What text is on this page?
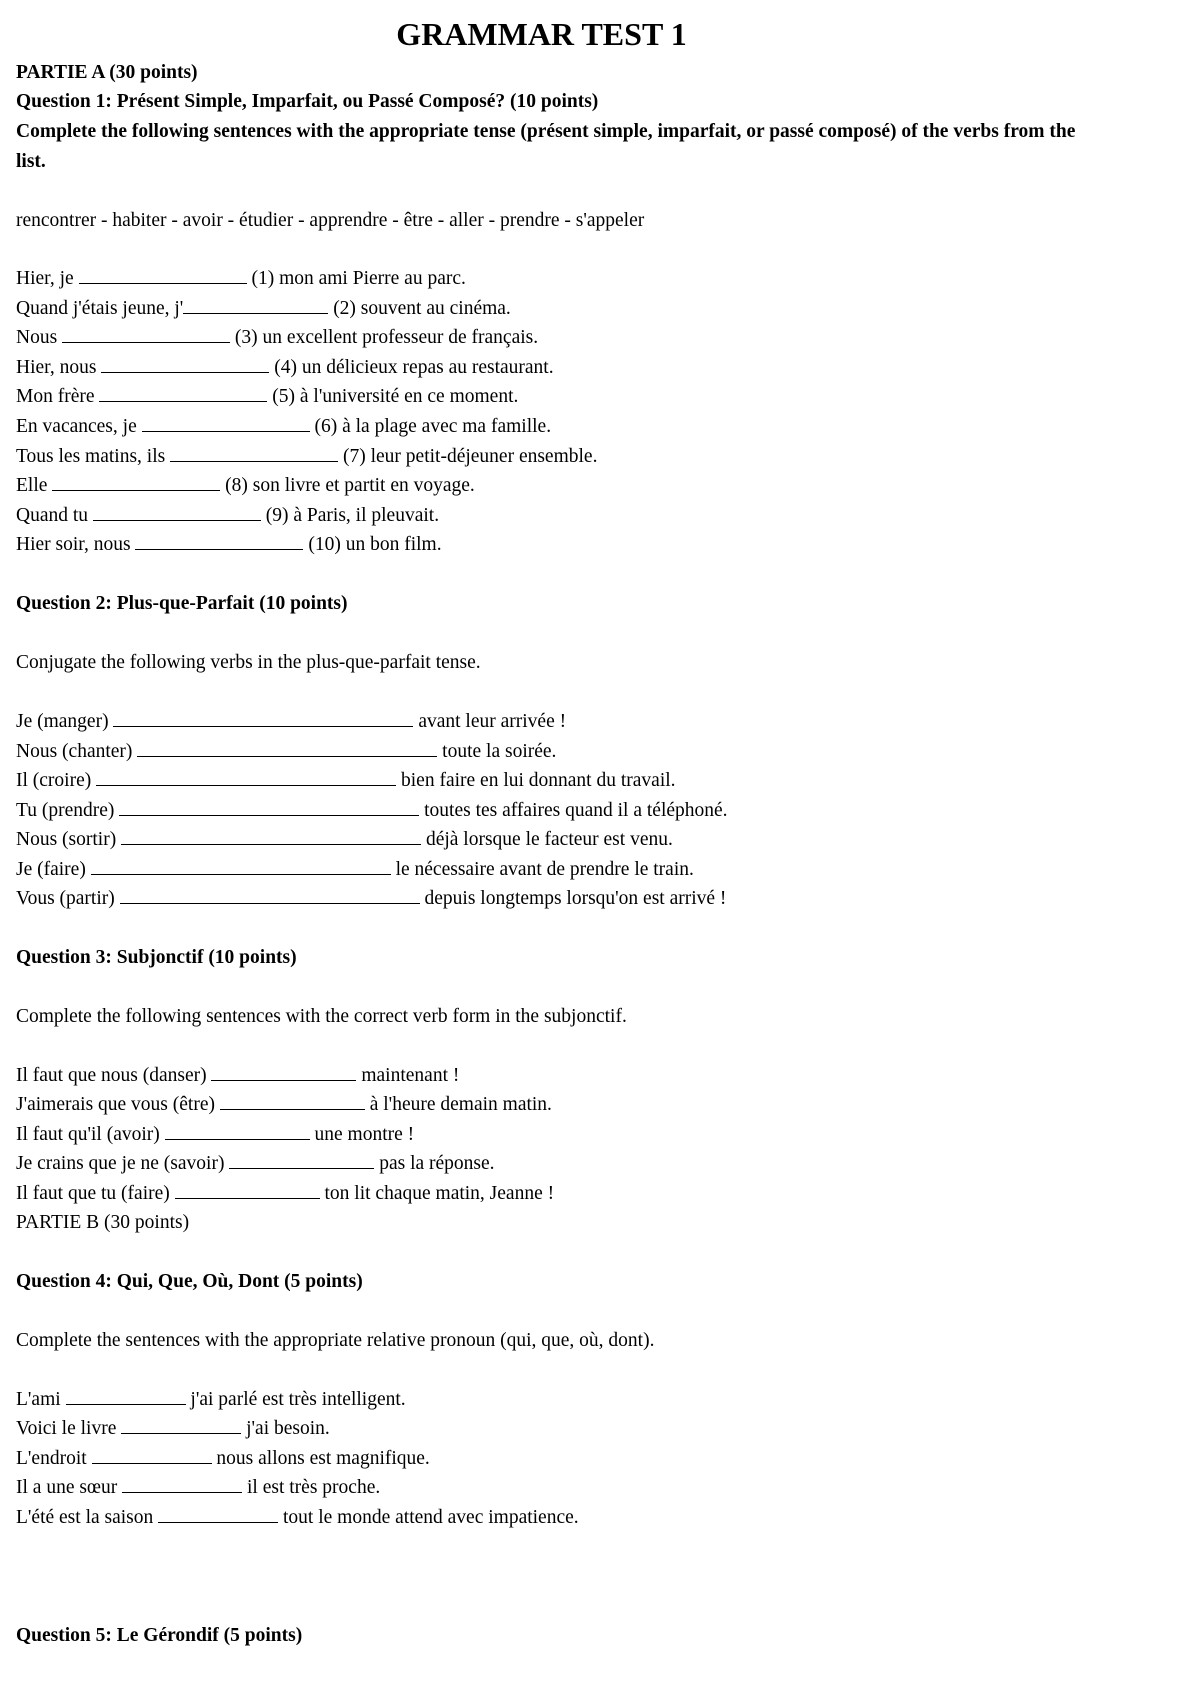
GRAMMAR TEST 1
PARTIE A (30 points)
Question 1: Présent Simple, Imparfait, ou Passé Composé? (10 points)
Complete the following sentences with the appropriate tense (présent simple, imparfait, or passé composé) of the verbs from the list.
rencontrer - habiter - avoir - étudier - apprendre - être - aller - prendre - s'appeler
Hier, je	(1) mon ami Pierre au parc.
Quand j'étais jeune, j'	(2) souvent au cinéma.
Nous	(3) un excellent professeur de français.
Hier, nous	(4) un délicieux repas au restaurant.
Mon frère	(5) à l'université en ce moment.
En vacances, je	(6) à la plage avec ma famille.
Tous les matins, ils	(7) leur petit-déjeuner ensemble.
Elle	(8) son livre et partit en voyage.
Quand tu	(9) à Paris, il pleuvait.
Hier soir, nous	(10) un bon film.
Question 2: Plus-que-Parfait (10 points)
Conjugate the following verbs in the plus-que-parfait tense.
Je (manger)	avant leur arrivée !
Nous (chanter)	toute la soirée.
Il (croire)	bien faire en lui donnant du travail.
Tu (prendre)	toutes tes affaires quand il a téléphoné.
Nous (sortir)	déjà lorsque le facteur est venu.
Je (faire)	le nécessaire avant de prendre le train.
Vous (partir)	depuis longtemps lorsqu'on est arrivé !
Question 3: Subjonctif (10 points)
Complete the following sentences with the correct verb form in the subjonctif.
Il faut que nous (danser)	maintenant !
J'aimerais que vous (être)	à l'heure demain matin.
Il faut qu'il (avoir)	une montre !
Je crains que je ne (savoir)	pas la réponse.
Il faut que tu (faire)	ton lit chaque matin, Jeanne !
PARTIE B (30 points)
Question 4: Qui, Que, Où, Dont (5 points)
Complete the sentences with the appropriate relative pronoun (qui, que, où, dont).
L'ami	j'ai parlé est très intelligent.
Voici le livre	j'ai besoin.
L'endroit	nous allons est magnifique.
Il a une sœur	il est très proche.
L'été est la saison	tout le monde attend avec impatience.
Question 5: Le Gérondif (5 points)
